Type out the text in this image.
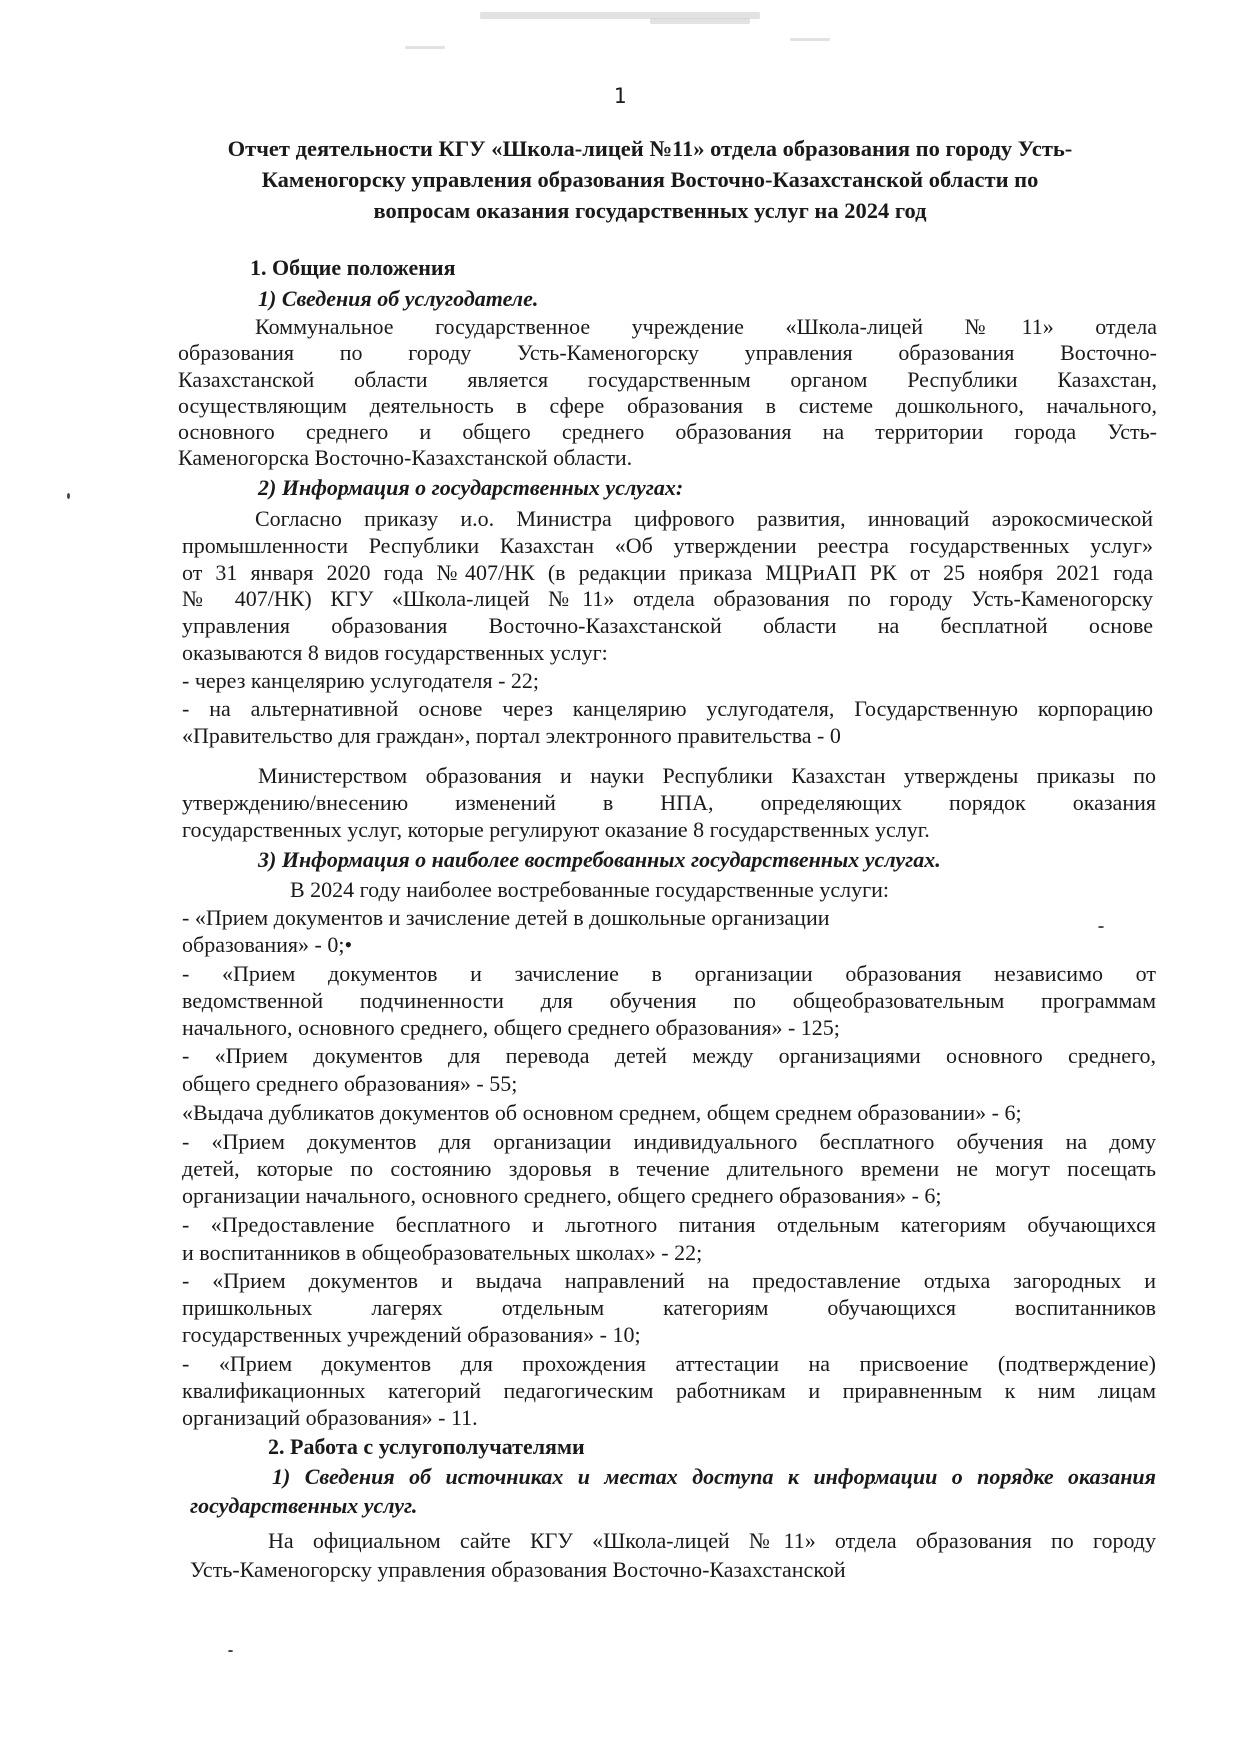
1
Отчет деятельности КГУ «Школа-лицей №11» отдела образования по городу Усть-
Каменогорску управления образования Восточно-Казахстанской области по
вопросам оказания государственных услуг на 2024 год
1. Общие положения
1) Сведения об услугодателе.
Коммунальное государственное учреждение «Школа-лицей №11» отдела
образования по городу Усть-Каменогорску управления образования Восточно-
Казахстанской области является государственным органом Республики Казахстан,
осуществляющим деятельность в сфере образования в системе дошкольного, начального,
основного среднего и общего среднего образования на территории города Усть-
Каменогорска Восточно-Казахстанской области.
2) Информация о государственных услугах:
Согласно приказу и.о. Министра цифрового развития, инноваций аэрокосмической
промышленности Республики Казахстан «Об утверждении реестра государственных услуг»
от 31 января 2020 года №407/НК (в редакции приказа МЦРиАП РК от 25 ноября 2021 года
№ 407/НК) КГУ «Школа-лицей №11» отдела образования по городу Усть-Каменогорску
управления образования Восточно-Казахстанской области на бесплатной основе
оказываются 8 видов государственных услуг:
- через канцелярию услугодателя - 22;
- на альтернативной основе через канцелярию услугодателя, Государственную корпорацию
«Правительство для граждан», портал электронного правительства - 0
Министерством образования и науки Республики Казахстан утверждены приказы по
утверждению/внесению изменений в НПА, определяющих порядок оказания
государственных услуг, которые регулируют оказание 8 государственных услуг.
3) Информация о наиболее востребованных государственных услугах.
В 2024 году наиболее востребованные государственные услуги:
- «Прием документов и зачисление детей в дошкольные организации
образования» - 0;•
- «Прием документов и зачисление в организации образования независимо от
ведомственной подчиненности для обучения по общеобразовательным программам
начального, основного среднего, общего среднего образования» - 125;
- «Прием документов для перевода детей между организациями основного среднего,
общего среднего образования» - 55;
«Выдача дубликатов документов об основном среднем, общем среднем образовании» - 6;
- «Прием документов для организации индивидуального бесплатного обучения на дому
детей, которые по состоянию здоровья в течение длительного времени не могут посещать
организации начального, основного среднего, общего среднего образования» - 6;
- «Предоставление бесплатного и льготного питания отдельным категориям обучающихся
и воспитанников в общеобразовательных школах» - 22;
- «Прием документов и выдача направлений на предоставление отдыха загородных и
пришкольных лагерях отдельным категориям обучающихся воспитанников
государственных учреждений образования» - 10;
- «Прием документов для прохождения аттестации на присвоение (подтверждение)
квалификационных категорий педагогическим работникам и приравненным к ним лицам
организаций образования» - 11.
2. Работа с услугополучателями
1) Сведения об источниках и местах доступа к информации о порядке оказания
государственных услуг.
На официальном сайте КГУ «Школа-лицей №11» отдела образования по городу
Усть-Каменогорску управления образования Восточно-Казахстанской
